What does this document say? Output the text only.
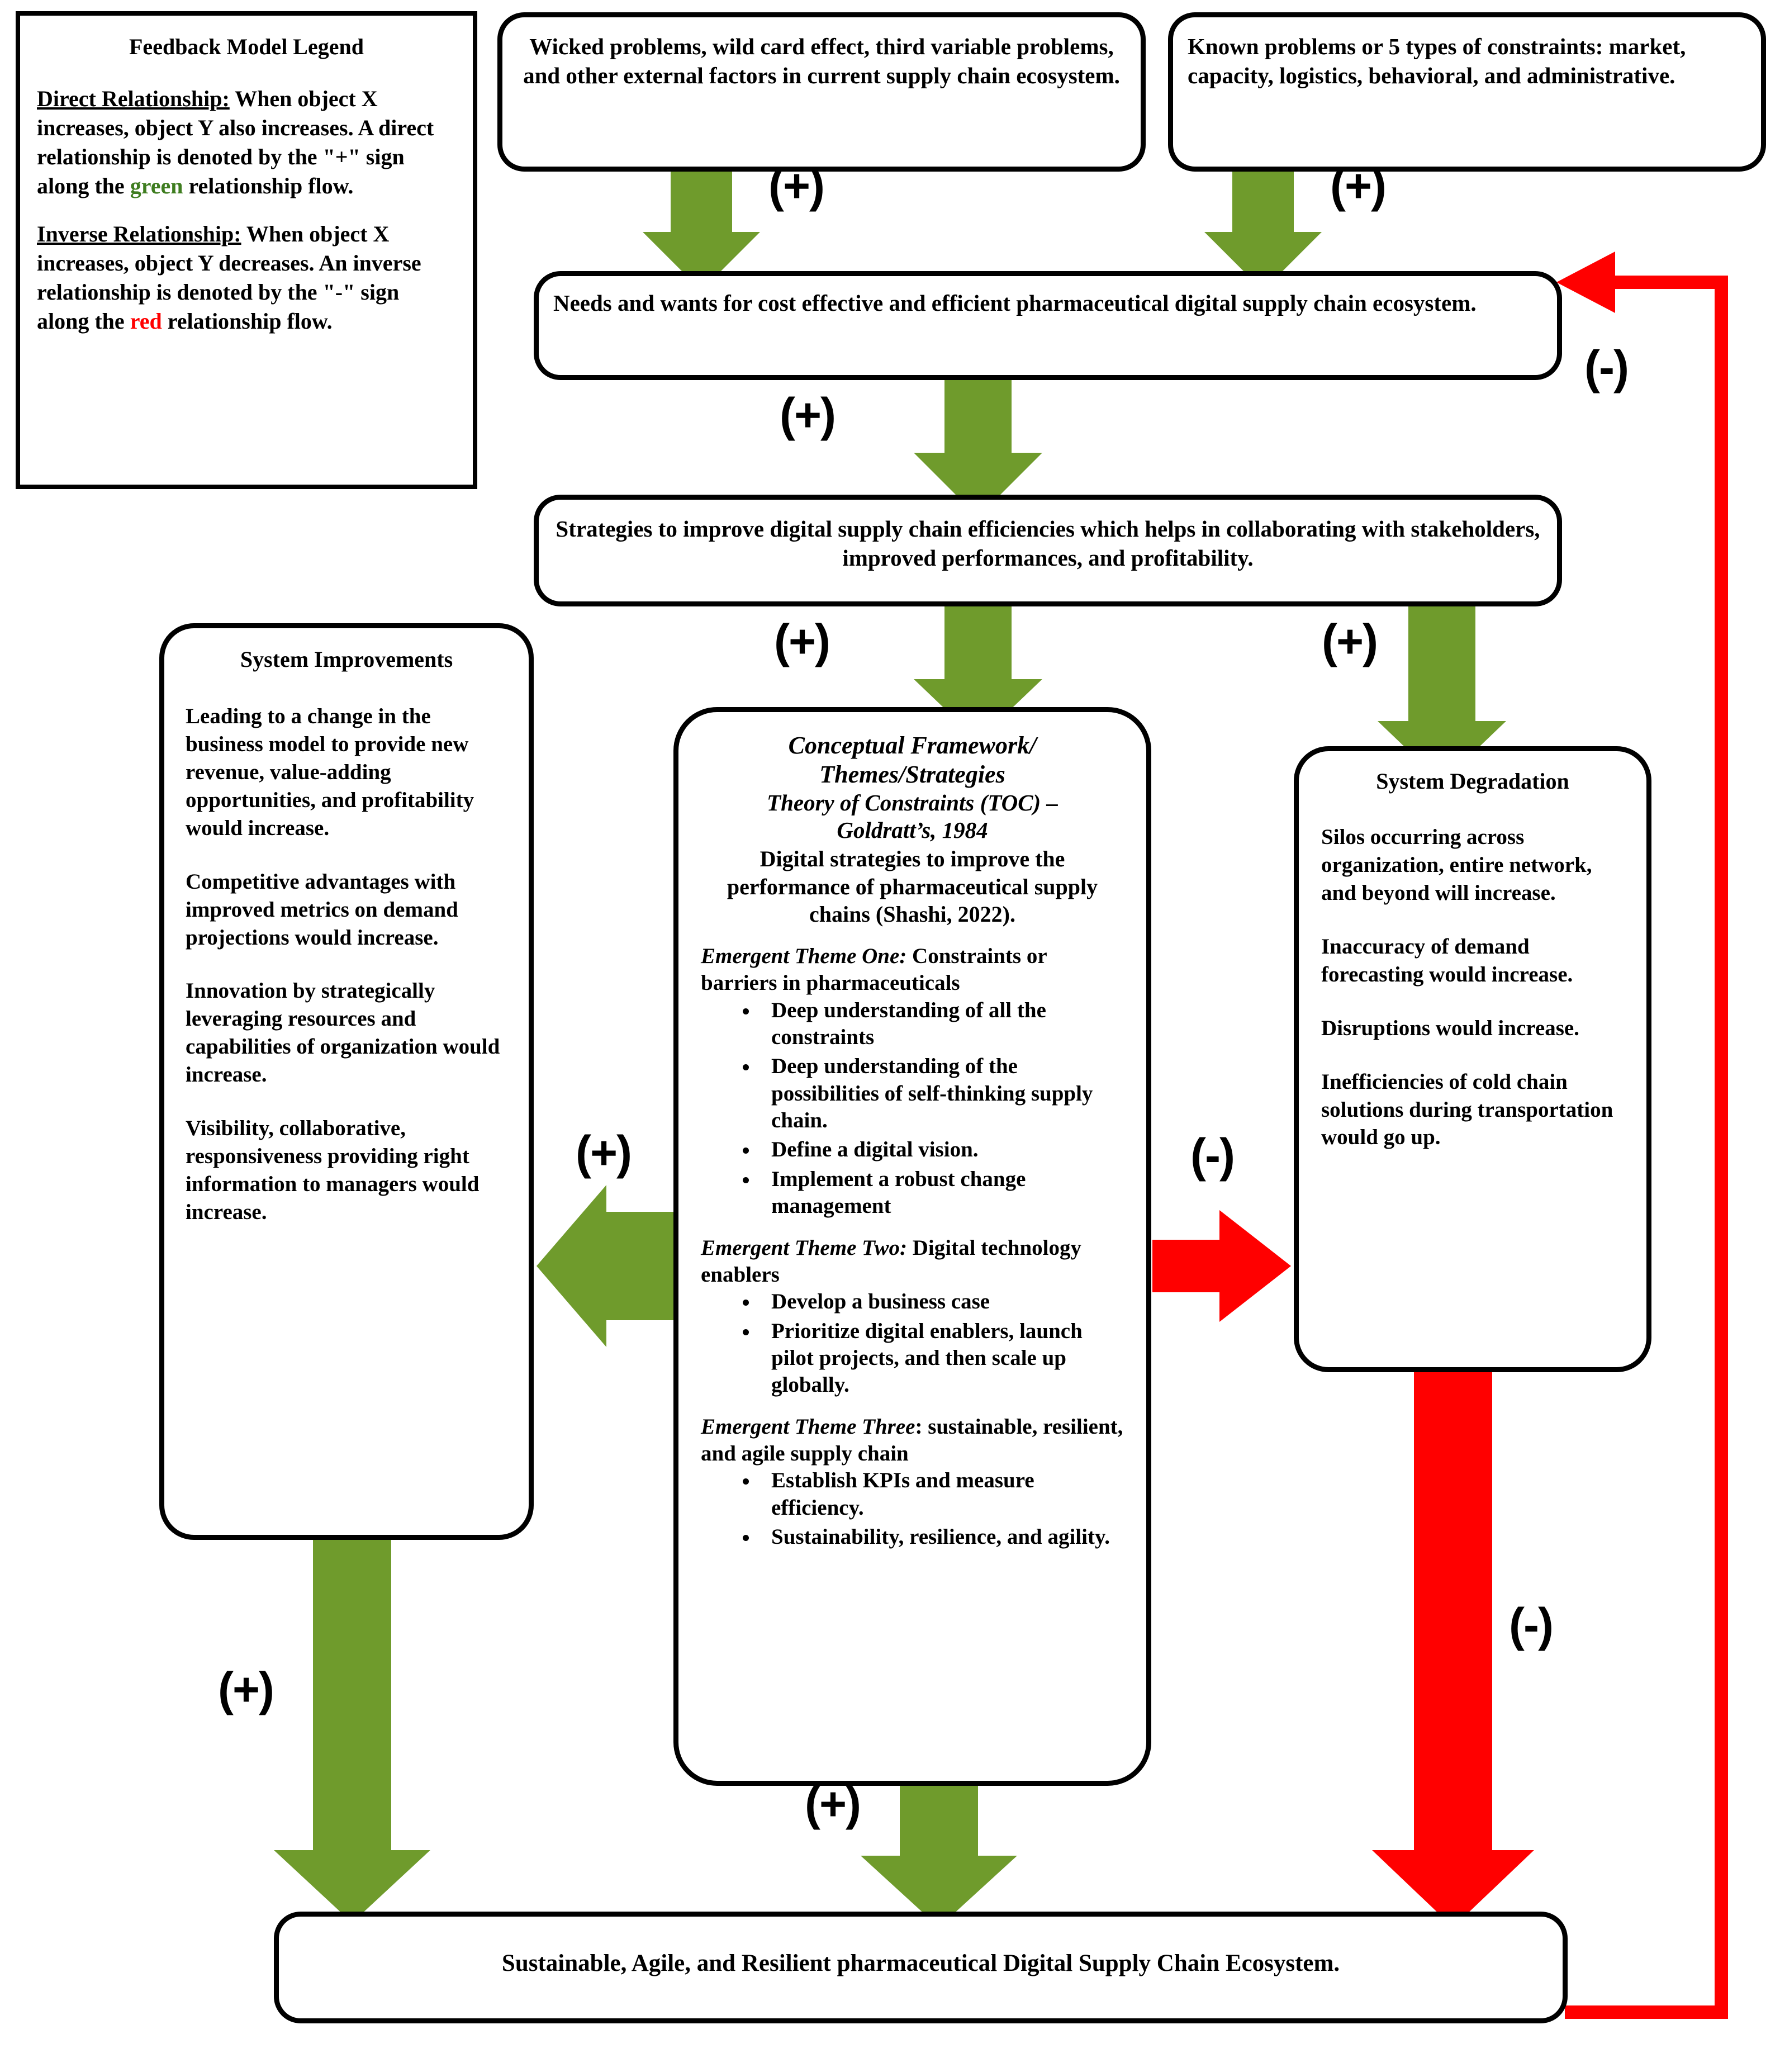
Feedback Model Legend

Direct Relationship: When object X increases, object Y also increases. A direct relationship is denoted by the "+" sign along the green relationship flow.

Inverse Relationship: When object X increases, object Y decreases. An inverse relationship is denoted by the "-" sign along the red relationship flow.

Wicked problems, wild card effect, third variable problems, and other external factors in current supply chain ecosystem.
Known problems or 5 types of constraints: market, capacity, logistics, behavioral, and administrative.
Needs and wants for cost effective and efficient pharmaceutical digital supply chain ecosystem.
Strategies to improve digital supply chain efficiencies which helps in collaborating with stakeholders, improved performances, and profitability.
System Improvements

Leading to a change in the business model to provide new revenue, value-adding opportunities, and profitability would increase.

Competitive advantages with improved metrics on demand projections would increase.

Innovation by strategically leveraging resources and capabilities of organization would increase.

Visibility, collaborative, responsiveness providing right information to managers would increase.

Conceptual Framework/
Themes/Strategies
Theory of Constraints (TOC) –
Goldratt’s, 1984
Digital strategies to improve the performance of pharmaceutical supply chains (Shashi, 2022).
Emergent Theme One: Constraints or barriers in pharmaceuticals
• Deep understanding of all the constraints
• Deep understanding of the possibilities of self-thinking supply chain.
• Define a digital vision.
• Implement a robust change management
Emergent Theme Two: Digital technology enablers
• Develop a business case
• Prioritize digital enablers, launch pilot projects, and then scale up globally.
Emergent Theme Three: sustainable, resilient, and agile supply chain
• Establish KPIs and measure efficiency.
• Sustainability, resilience, and agility.
System Degradation

Silos occurring across organization, entire network, and beyond will increase.

Inaccuracy of demand forecasting would increase.

Disruptions would increase.

Inefficiencies of cold chain solutions during transportation would go up.

Sustainable, Agile, and Resilient pharmaceutical Digital Supply Chain Ecosystem.
(+)	(+)
(-)
(+)
(+)	(+)
(+)	(-)
(+)
(-)
(+)
